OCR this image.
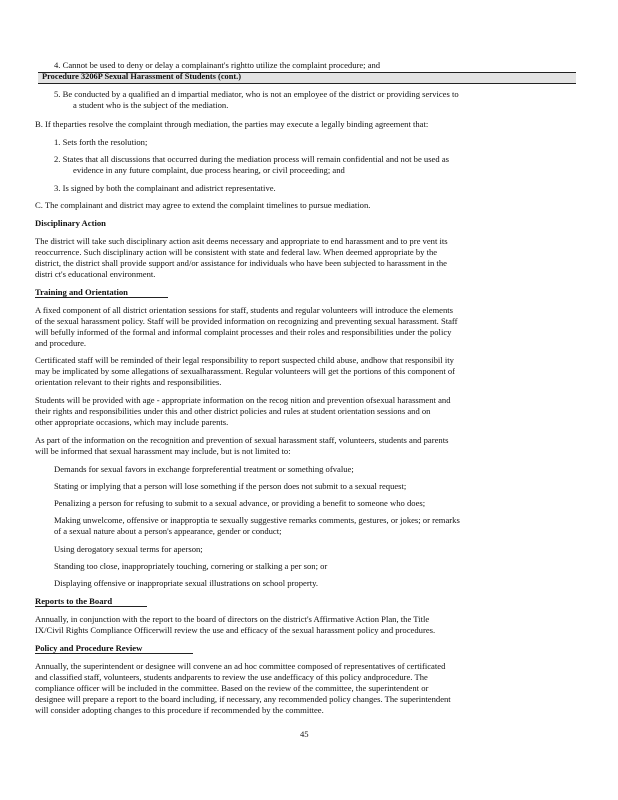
4. Cannot be used to deny or delay a complainant's rightto utilize the complaint procedure; and
Procedure 3206P Sexual Harassment of Students (cont.)
5. Be conducted by a qualified an d impartial mediator, who is not an employee of the district or providing services to
a student who is the subject of the mediation.
B. If theparties resolve the complaint through mediation, the parties may execute a legally binding agreement that:
1. Sets forth the resolution;
2. States that all discussions that occurred during the mediation process will remain confidential and not be used as
evidence in any future complaint, due process hearing, or civil proceeding; and
3. Is signed by both the complainant and adistrict representative.
C. The complainant and district may agree to extend the complaint timelines to pursue mediation.
Disciplinary Action
The district will take such disciplinary action asit deems necessary and appropriate to end harassment and to pre vent its
reoccurrence. Such disciplinary action will be consistent with state and federal law. When deemed appropriate by the
district, the district shall provide support and/or assistance for individuals who have been subjected to harassment in the
distri ct's educational environment.
Training and Orientation
A fixed component of all district orientation sessions for staff, students and regular volunteers will introduce the elements
of the sexual harassment policy. Staff will be provided information on recognizing and preventing sexual harassment. Staff
will befully informed of the formal and informal complaint processes and their roles and responsibilities under the policy
and procedure.
Certificated staff will be reminded of their legal responsibility to report suspected child abuse, andhow that responsibil ity
may be implicated by some allegations of sexualharassment. Regular volunteers will get the portions of this component of
orientation relevant to their rights and responsibilities.
Students will be provided with age - appropriate information on the recog nition and prevention ofsexual harassment and
their rights and responsibilities under this and other district policies and rules at student orientation sessions and on
other appropriate occasions, which may include parents.
As part of the information on the recognition and prevention of sexual harassment staff, volunteers, students and parents
will be informed that sexual harassment may include, but is not limited to:
Demands for sexual favors in exchange forpreferential treatment or something ofvalue;
Stating or implying that a person will lose something if the person does not submit to a sexual request;
Penalizing a person for refusing to submit to a sexual advance, or providing a benefit to someone who does;
Making unwelcome, offensive or inapproptia te sexually suggestive remarks comments, gestures, or jokes; or remarks
of a sexual nature about a person's appearance, gender or conduct;
Using derogatory sexual terms for aperson;
Standing too close, inappropriately touching, cornering or stalking a per son; or
Displaying offensive or inappropriate sexual illustrations on school property.
Reports to the Board
Annually, in conjunction with the report to the board of directors on the district's Affirmative Action Plan, the Title
IX/Civil Rights Compliance Officerwill review the use and efficacy of the sexual harassment policy and procedures.
Policy and Procedure Review
Annually, the superintendent or designee will convene an ad hoc committee composed of representatives of certificated
and classified staff, volunteers, students andparents to review the use andefficacy of this policy andprocedure. The
compliance officer will be included in the committee. Based on the review of the committee, the superintendent or
designee will prepare a report to the board including, if necessary, any recommended policy changes. The superintendent
will consider adopting changes to this procedure if recommended by the committee.
45
